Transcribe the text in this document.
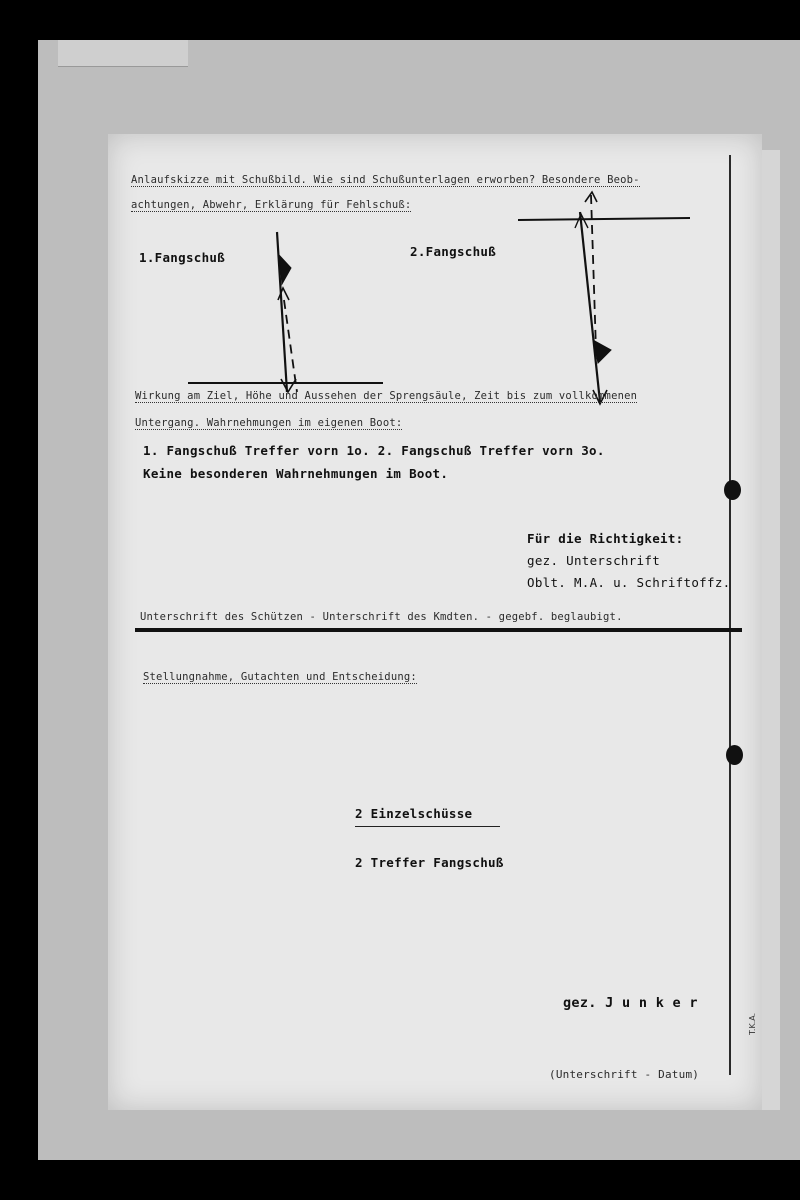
Anlaufskizze mit Schußbild. Wie sind Schußunterlagen erworben? Besondere Beob-
achtungen, Abwehr, Erklärung für Fehlschuß:
1.Fangschuß	2.Fangschuß
Wirkung am Ziel, Höhe und Aussehen der Sprengsäule, Zeit bis zum vollkommenen
Untergang. Wahrnehmungen im eigenen Boot:
1. Fangschuß Treffer vorn 1o. 2. Fangschuß Treffer vorn 3o.
Keine besonderen Wahrnehmungen im Boot.
Für die Richtigkeit:
gez. Unterschrift
Oblt. M.A. u. Schriftoffz.
Unterschrift des Schützen - Unterschrift des Kmdten. - gegebf. beglaubigt.
Stellungnahme, Gutachten und Entscheidung:
2 Einzelschüsse
2 Treffer Fangschuß
gez. J u n k e r
(Unterschrift - Datum)
T.K.A.
